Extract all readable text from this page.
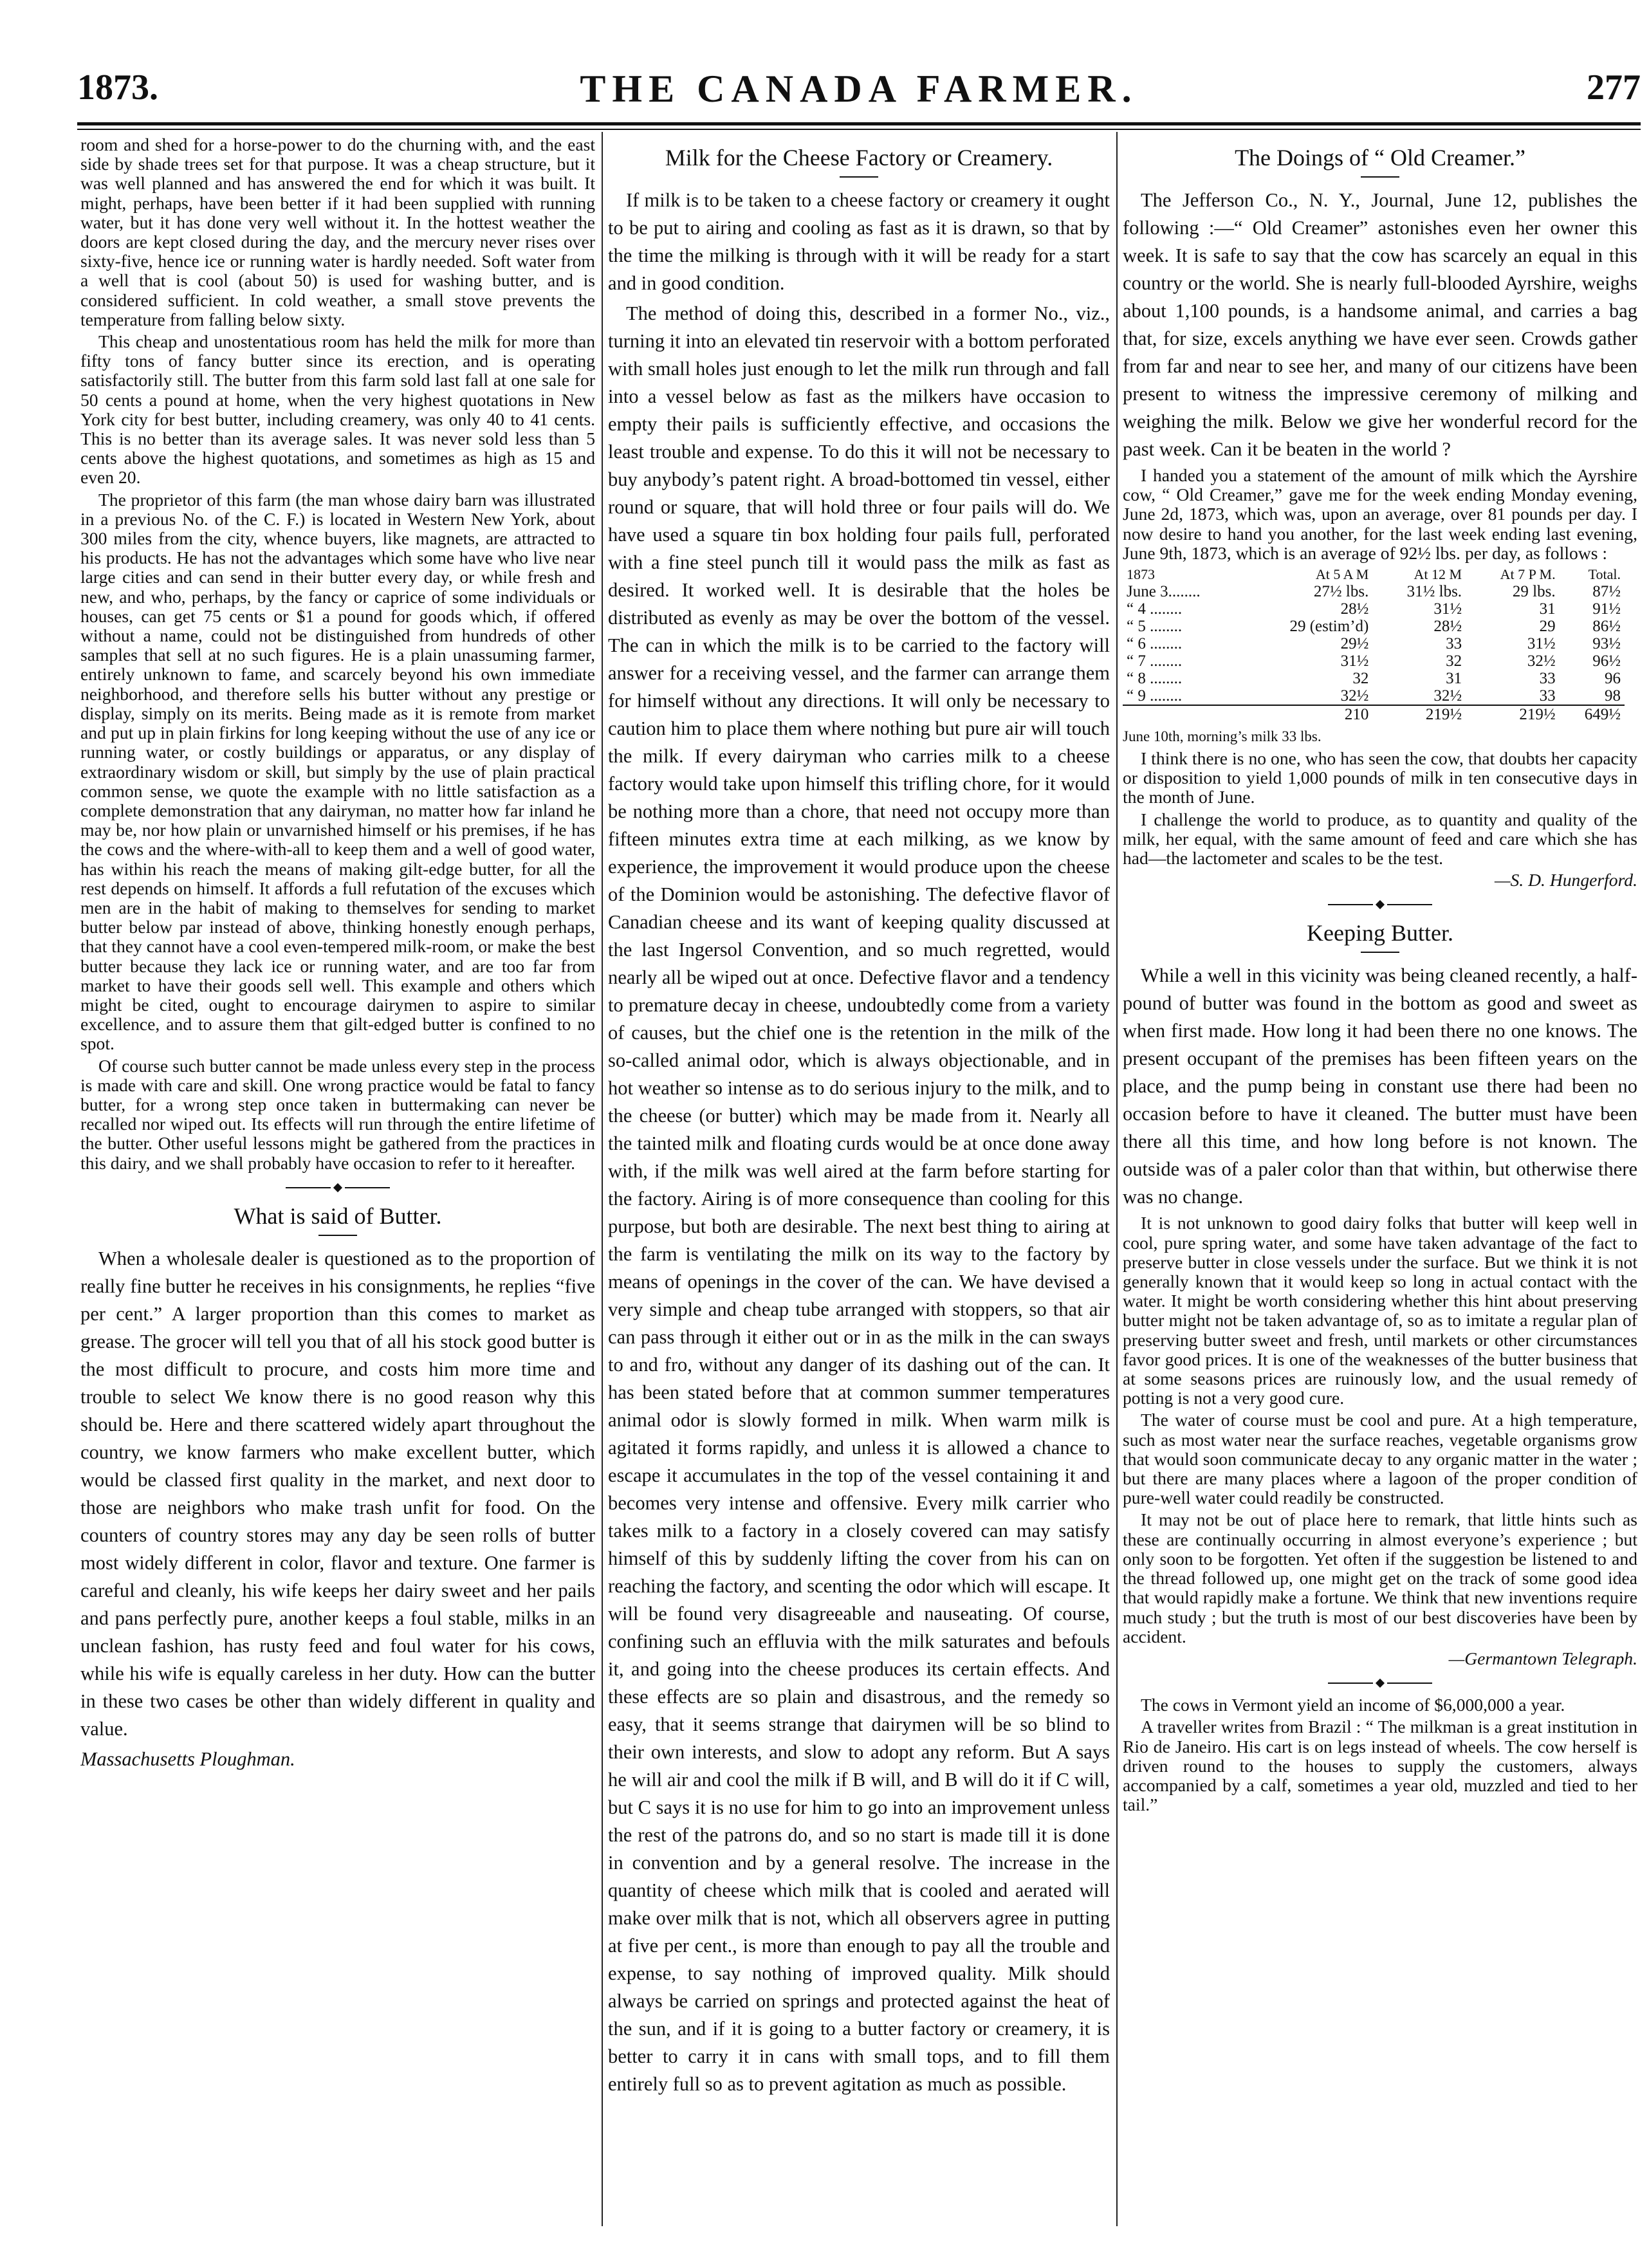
1873.	THE CANADA FARMER.	277

room and shed for a horse-power to do the churning with, and the east side by shade trees set for that purpose. It was a cheap structure, but it was well planned and has answered the end for which it was built. It might, perhaps, have been better if it had been supplied with running water, but it has done very well without it. In the hottest weather the doors are kept closed during the day, and the mercury never rises over sixty-five, hence ice or running water is hardly needed. Soft water from a well that is cool (about 50) is used for washing butter, and is considered sufficient. In cold weather, a small stove prevents the temperature from falling below sixty.

This cheap and unostentatious room has held the milk for more than fifty tons of fancy butter since its erection, and is operating satisfactorily still. The butter from this farm sold last fall at one sale for 50 cents a pound at home, when the very highest quotations in New York city for best butter, including creamery, was only 40 to 41 cents. This is no better than its average sales. It was never sold less than 5 cents above the highest quotations, and sometimes as high as 15 and even 20.

The proprietor of this farm (the man whose dairy barn was illustrated in a previous No. of the C. F.) is located in Western New York, about 300 miles from the city, whence buyers, like magnets, are attracted to his products. He has not the advantages which some have who live near large cities and can send in their butter every day, or while fresh and new, and who, perhaps, by the fancy or caprice of some individuals or houses, can get 75 cents or $1 a pound for goods which, if offered without a name, could not be distinguished from hundreds of other samples that sell at no such figures. He is a plain unassuming farmer, entirely unknown to fame, and scarcely beyond his own immediate neighborhood, and therefore sells his butter without any prestige or display, simply on its merits. Being made as it is remote from market and put up in plain firkins for long keeping without the use of any ice or running water, or costly buildings or apparatus, or any display of extraordinary wisdom or skill, but simply by the use of plain practical common sense, we quote the example with no little satisfaction as a complete demonstration that any dairyman, no matter how far inland he may be, nor how plain or unvarnished himself or his premises, if he has the cows and the where-with-all to keep them and a well of good water, has within his reach the means of making gilt-edge butter, for all the rest depends on himself. It affords a full refutation of the excuses which men are in the habit of making to themselves for sending to market butter below par instead of above, thinking honestly enough perhaps, that they cannot have a cool even-tempered milk-room, or make the best butter because they lack ice or running water, and are too far from market to have their goods sell well. This example and others which might be cited, ought to encourage dairymen to aspire to similar excellence, and to assure them that gilt-edged butter is confined to no spot.

Of course such butter cannot be made unless every step in the process is made with care and skill. One wrong practice would be fatal to fancy butter, for a wrong step once taken in buttermaking can never be recalled nor wiped out. Its effects will run through the entire lifetime of the butter. Other useful lessons might be gathered from the practices in this dairy, and we shall probably have occasion to refer to it hereafter.

What is said of Butter.

When a wholesale dealer is questioned as to the proportion of really fine butter he receives in his consignments, he replies “five per cent.” A larger proportion than this comes to market as grease. The grocer will tell you that of all his stock good butter is the most difficult to procure, and costs him more time and trouble to select We know there is no good reason why this should be. Here and there scattered widely apart throughout the country, we know farmers who make excellent butter, which would be classed first quality in the market, and next door to those are neighbors who make trash unfit for food. On the counters of country stores may any day be seen rolls of butter most widely different in color, flavor and texture. One farmer is careful and cleanly, his wife keeps her dairy sweet and her pails and pans perfectly pure, another keeps a foul stable, milks in an unclean fashion, has rusty feed and foul water for his cows, while his wife is equally careless in her duty. How can the butter in these two cases be other than widely different in quality and value.

Massachusetts Ploughman.

Milk for the Cheese Factory or Creamery.

If milk is to be taken to a cheese factory or creamery it ought to be put to airing and cooling as fast as it is drawn, so that by the time the milking is through with it will be ready for a start and in good condition.

The method of doing this, described in a former No., viz., turning it into an elevated tin reservoir with a bottom perforated with small holes just enough to let the milk run through and fall into a vessel below as fast as the milkers have occasion to empty their pails is sufficiently effective, and occasions the least trouble and expense. To do this it will not be necessary to buy anybody’s patent right. A broad-bottomed tin vessel, either round or square, that will hold three or four pails will do. We have used a square tin box holding four pails full, perforated with a fine steel punch till it would pass the milk as fast as desired. It worked well. It is desirable that the holes be distributed as evenly as may be over the bottom of the vessel. The can in which the milk is to be carried to the factory will answer for a receiving vessel, and the farmer can arrange them for himself without any directions. It will only be necessary to caution him to place them where nothing but pure air will touch the milk. If every dairyman who carries milk to a cheese factory would take upon himself this trifling chore, for it would be nothing more than a chore, that need not occupy more than fifteen minutes extra time at each milking, as we know by experience, the improvement it would produce upon the cheese of the Dominion would be astonishing. The defective flavor of Canadian cheese and its want of keeping quality discussed at the last Ingersol Convention, and so much regretted, would nearly all be wiped out at once. Defective flavor and a tendency to premature decay in cheese, undoubtedly come from a variety of causes, but the chief one is the retention in the milk of the so-called animal odor, which is always objectionable, and in hot weather so intense as to do serious injury to the milk, and to the cheese (or butter) which may be made from it. Nearly all the tainted milk and floating curds would be at once done away with, if the milk was well aired at the farm before starting for the factory. Airing is of more consequence than cooling for this purpose, but both are desirable. The next best thing to airing at the farm is ventilating the milk on its way to the factory by means of openings in the cover of the can. We have devised a very simple and cheap tube arranged with stoppers, so that air can pass through it either out or in as the milk in the can sways to and fro, without any danger of its dashing out of the can. It has been stated before that at common summer temperatures animal odor is slowly formed in milk. When warm milk is agitated it forms rapidly, and unless it is allowed a chance to escape it accumulates in the top of the vessel containing it and becomes very intense and offensive. Every milk carrier who takes milk to a factory in a closely covered can may satisfy himself of this by suddenly lifting the cover from his can on reaching the factory, and scenting the odor which will escape. It will be found very disagreeable and nauseating. Of course, confining such an effluvia with the milk saturates and befouls it, and going into the cheese produces its certain effects. And these effects are so plain and disastrous, and the remedy so easy, that it seems strange that dairymen will be so blind to their own interests, and slow to adopt any reform. But A says he will air and cool the milk if B will, and B will do it if C will, but C says it is no use for him to go into an improvement unless the rest of the patrons do, and so no start is made till it is done in convention and by a general resolve. The increase in the quantity of cheese which milk that is cooled and aerated will make over milk that is not, which all observers agree in putting at five per cent., is more than enough to pay all the trouble and expense, to say nothing of improved quality. Milk should always be carried on springs and protected against the heat of the sun, and if it is going to a butter factory or creamery, it is better to carry it in cans with small tops, and to fill them entirely full so as to prevent agitation as much as possible.

The Doings of “ Old Creamer.”

The Jefferson Co., N. Y., Journal, June 12, publishes the following :—“ Old Creamer” astonishes even her owner this week. It is safe to say that the cow has scarcely an equal in this country or the world. She is nearly full-blooded Ayrshire, weighs about 1,100 pounds, is a handsome animal, and carries a bag that, for size, excels anything we have ever seen. Crowds gather from far and near to see her, and many of our citizens have been present to witness the impressive ceremony of milking and weighing the milk. Below we give her wonderful record for the past week. Can it be beaten in the world ?

I handed you a statement of the amount of milk which the Ayrshire cow, “ Old Creamer,” gave me for the week ending Monday evening, June 2d, 1873, which was, upon an average, over 81 pounds per day. I now desire to hand you another, for the last week ending last evening, June 9th, 1873, which is an average of 92½ lbs. per day, as follows :

1873	At 5 A M	At 12 M	At 7 P M.	Total.
June 3........	27½ lbs.	31½ lbs.	29 lbs.	87½
“ 4 ........	28½	31½	31	91½
“ 5 ........	29 (estim’d)	28½	29	86½
“ 6 ........	29½	33	31½	93½
“ 7 ........	31½	32	32½	96½
“ 8 ........	32	31	33	96
“ 9 ........	32½	32½	33	98
	210	219½	219½	649½

June 10th, morning’s milk 33 lbs.

I think there is no one, who has seen the cow, that doubts her capacity or disposition to yield 1,000 pounds of milk in ten consecutive days in the month of June.

I challenge the world to produce, as to quantity and quality of the milk, her equal, with the same amount of feed and care which she has had—the lactometer and scales to be the test.

—S. D. Hungerford.

Keeping Butter.

While a well in this vicinity was being cleaned recently, a half-pound of butter was found in the bottom as good and sweet as when first made. How long it had been there no one knows. The present occupant of the premises has been fifteen years on the place, and the pump being in constant use there had been no occasion before to have it cleaned. The butter must have been there all this time, and how long before is not known. The outside was of a paler color than that within, but otherwise there was no change.

It is not unknown to good dairy folks that butter will keep well in cool, pure spring water, and some have taken advantage of the fact to preserve butter in close vessels under the surface. But we think it is not generally known that it would keep so long in actual contact with the water. It might be worth considering whether this hint about preserving butter might not be taken advantage of, so as to imitate a regular plan of preserving butter sweet and fresh, until markets or other circumstances favor good prices. It is one of the weaknesses of the butter business that at some seasons prices are ruinously low, and the usual remedy of potting is not a very good cure.

The water of course must be cool and pure. At a high temperature, such as most water near the surface reaches, vegetable organisms grow that would soon communicate decay to any organic matter in the water ; but there are many places where a lagoon of the proper condition of pure-well water could readily be constructed.

It may not be out of place here to remark, that little hints such as these are continually occurring in almost everyone’s experience ; but only soon to be forgotten. Yet often if the suggestion be listened to and the thread followed up, one might get on the track of some good idea that would rapidly make a fortune. We think that new inventions require much study ; but the truth is most of our best discoveries have been by accident.

—Germantown Telegraph.

The cows in Vermont yield an income of $6,000,000 a year.

A traveller writes from Brazil : “ The milkman is a great institution in Rio de Janeiro. His cart is on legs instead of wheels. The cow herself is driven round to the houses to supply the customers, always accompanied by a calf, sometimes a year old, muzzled and tied to her tail.”
